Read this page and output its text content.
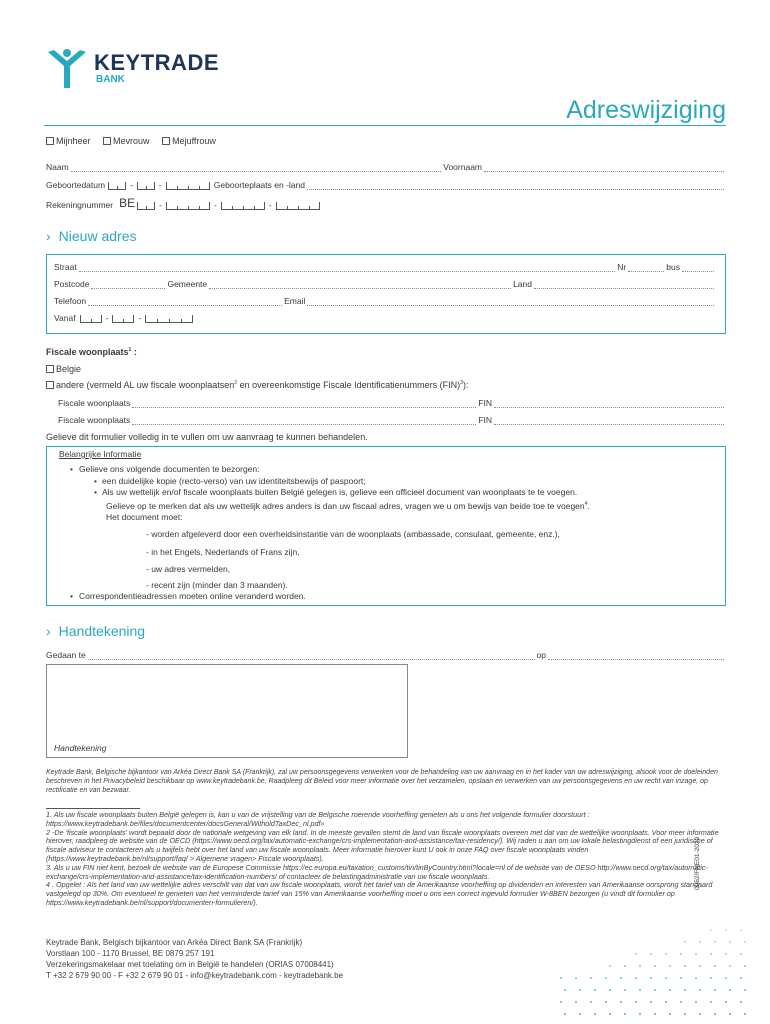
KEYTRADE
BANK
Adreswijziging
Mijnheer	Mevrouw	Mejuffrouw
Naam	Voornaam
Geboortedatum	-	-	Geboorteplaats en -land
Rekeningnummer BE	-	-	-
› Nieuw adres
Straat	Nr	bus
Postcode	Gemeente	Land
Telefoon	Email
Vanaf	-	-
Fiscale woonplaats$^1$ :
Belgie
andere (vermeld AL uw fiscale woonplaatsen$^2$ en overeenkomstige Fiscale Identificatienummers (FIN)$^3$):
Fiscale woonplaats	FIN
Fiscale woonplaats	FIN
Gelieve dit formulier volledig in te vullen om uw aanvraag te kunnen behandelen.
Belangrijke Informatie
• Gelieve ons volgende documenten te bezorgen:
• een duidelijke kopie (recto-verso) van uw identiteitsbewijs of paspoort;
• Als uw wettelijk en/of fiscale woonplaats buiten België gelegen is, gelieve een officieel document van woonplaats te te voegen.
Gelieve op te merken dat als uw wettelijk adres anders is dan uw fiscaal adres, vragen we u om bewijs van beide toe te voegen$^4$.
Het document moet:
- worden afgeleverd door een overheidsinstantie van de woonplaats (ambassade, consulaat, gemeente, enz.),
- in het Engels, Nederlands of Frans zijn,
- uw adres vermelden,
- recent zijn (minder dan 3 maanden).
• Correspondentieadressen moeten online veranderd worden.
› Handtekening
Gedaan te	op
Handtekening
Keytrade Bank, Belgische bijkantoor van Arkéa Direct Bank SA (Frankrijk), zal uw persoonsgegevens verwerken voor de behandeling van uw aanvraag en in het kader van uw adreswijziging, alsook voor de doeleinden beschreven in het Privacybeleid beschikbaar op www.keytradebank.be. Raadpleeg dit Beleid voor meer informatie over het verzamelen, opslaan en verwerken van uw persoonsgegevens en uw recht van inzage, op rectificatie en van bezwaar.
1. Als uw fiscale woonplaats buiten België gelegen is, kan u van de vrijstelling van de Belgische roerende voorheffing genieten als u ons het volgende formulier doorstuurt : https://www.keytradebank.be/files/documentcenter/docsGeneral/WitholdTaxDec_nl.pdf»
2 -De 'fiscale woonplaats' wordt bepaald door de nationale wetgeving van elk land. In de meeste gevallen stemt de land van fiscale woonplaats overeen met dat van de wettelijke woonplaats. Voor meer informatie hierover, raadpleeg de website van de OECD (https://www.oecd.org/tax/automatic-exchange/crs-implementation-and-assistance/tax-residency/). Wij raden u aan om uw lokale belastingdienst of een juridische of fiscale adviseur te contacteren als u twijfels hebt over het land van uw fiscale woonplaats. Meer informatie hierover kunt U ook in onze FAQ over fiscale woonplaats vinden (https://www.keytradebank.be/nl/support/faq/ > Algemene vragen> Fiscale woonplaats).
3. Als u uw FIN niet kent, bezoek de website van de Europese Commissie https://ec.europa.eu/taxation_customs/tin/tinByCountry.html?locale=nl of de website van de OESO http://www.oecd.org/tax/automatic-exchange/crs-implementation-and-assistance/tax-identification-numbers/ of contacteer de belastingadministratie van uw fiscale woonplaats.
4 . Opgelet : Als het land van uw wettelijke adres verschilt van dat van uw fiscale woonplaats, wordt het tarief van de Amerikaanse voorheffing op dividenden en interesten van Amerikaanse oorsprong standaard vastgelegd op 30%. Om eventueel te genieten van het verminderde tarief van 15% van Amerikaanse voorheffing moet u ons een correct ingevuld formulier W-8BEN bezorgen (u vindt dit formulier op https://www.keytradebank.be/nl/support/documenten-formulieren/).
Keytrade Bank, Belgisch bijkantoor van Arkéa Direct Bank SA (Frankrijk)
Vorstlaan 100 - 1170 Brussel, BE 0879 257 191
Verzekeringsmakelaar met toelating om in België te handelen (ORIAS 07008441)
T +32 2 679 90 00 - F +32 2 679 90 01 - info@keytradebank.com - keytradebank.be
0052/FNE01-2020
